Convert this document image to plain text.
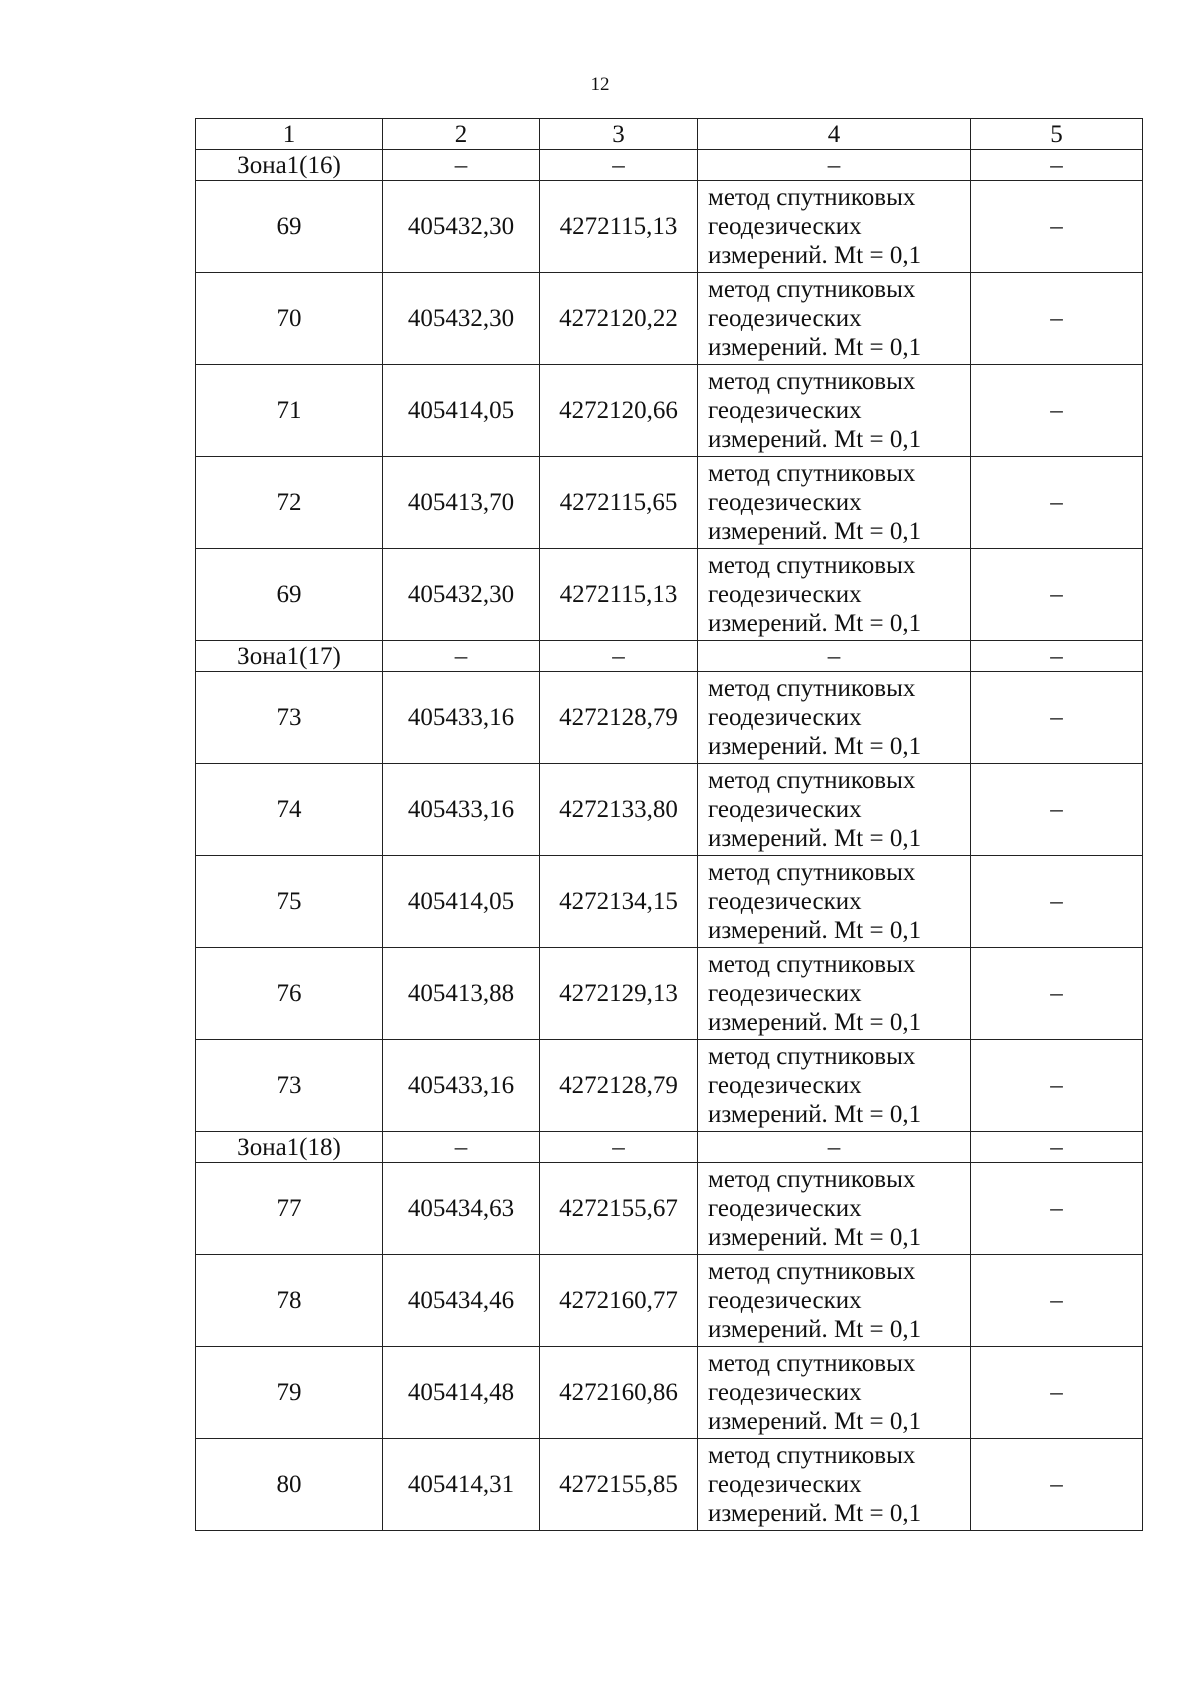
12
1	2	3	4	5
Зона1(16)	–	–	–	–
69	405432,30	4272115,13	метод спутниковых
геодезических
измерений. Mt = 0,1	–
70	405432,30	4272120,22	метод спутниковых
геодезических
измерений. Mt = 0,1	–
71	405414,05	4272120,66	метод спутниковых
геодезических
измерений. Mt = 0,1	–
72	405413,70	4272115,65	метод спутниковых
геодезических
измерений. Mt = 0,1	–
69	405432,30	4272115,13	метод спутниковых
геодезических
измерений. Mt = 0,1	–
Зона1(17)	–	–	–	–
73	405433,16	4272128,79	метод спутниковых
геодезических
измерений. Mt = 0,1	–
74	405433,16	4272133,80	метод спутниковых
геодезических
измерений. Mt = 0,1	–
75	405414,05	4272134,15	метод спутниковых
геодезических
измерений. Mt = 0,1	–
76	405413,88	4272129,13	метод спутниковых
геодезических
измерений. Mt = 0,1	–
73	405433,16	4272128,79	метод спутниковых
геодезических
измерений. Mt = 0,1	–
Зона1(18)	–	–	–	–
77	405434,63	4272155,67	метод спутниковых
геодезических
измерений. Mt = 0,1	–
78	405434,46	4272160,77	метод спутниковых
геодезических
измерений. Mt = 0,1	–
79	405414,48	4272160,86	метод спутниковых
геодезических
измерений. Mt = 0,1	–
80	405414,31	4272155,85	метод спутниковых
геодезических
измерений. Mt = 0,1	–
